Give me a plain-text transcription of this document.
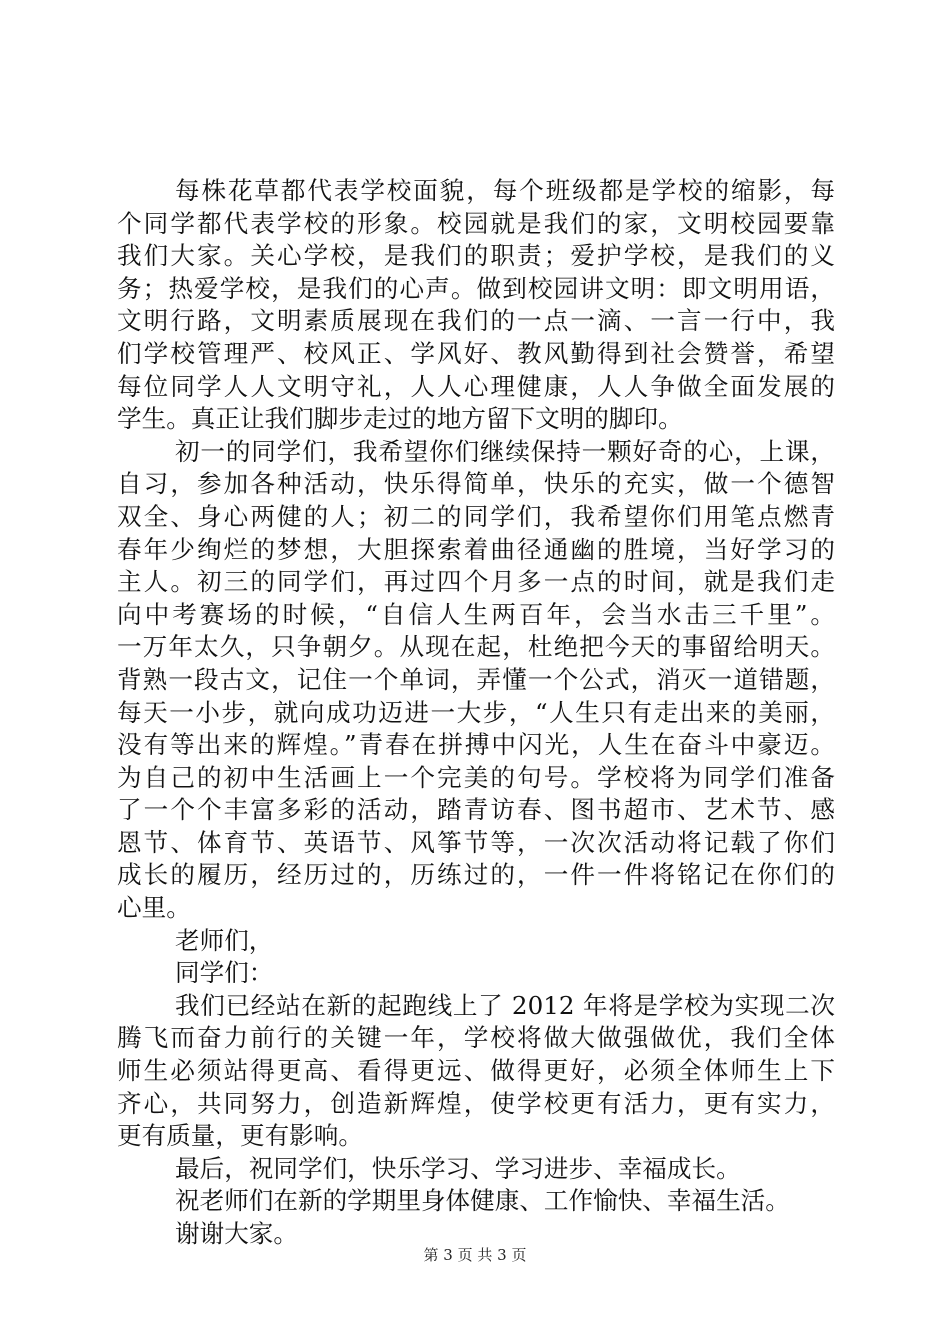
每株花草都代表学校面貌，每个班级都是学校的缩影，每
个同学都代表学校的形象。校园就是我们的家，文明校园要靠
我们大家。关心学校，是我们的职责；爱护学校，是我们的义
务；热爱学校，是我们的心声。做到校园讲文明：即文明用语，
文明行路，文明素质展现在我们的一点一滴、一言一行中，我
们学校管理严、校风正、学风好、教风勤得到社会赞誉，希望
每位同学人人文明守礼，人人心理健康，人人争做全面发展的
学生。真正让我们脚步走过的地方留下文明的脚印。
初一的同学们，我希望你们继续保持一颗好奇的心，上课，
自习，参加各种活动，快乐得简单，快乐的充实，做一个德智
双全、身心两健的人；初二的同学们，我希望你们用笔点燃青
春年少绚烂的梦想，大胆探索着曲径通幽的胜境，当好学习的
主人。初三的同学们，再过四个月多一点的时间，就是我们走
向中考赛场的时候，“自信人生两百年，会当水击三千里”。
一万年太久，只争朝夕。从现在起，杜绝把今天的事留给明天。
背熟一段古文，记住一个单词，弄懂一个公式，消灭一道错题，
每天一小步，就向成功迈进一大步，“人生只有走出来的美丽，
没有等出来的辉煌。”青春在拼搏中闪光，人生在奋斗中豪迈。
为自己的初中生活画上一个完美的句号。学校将为同学们准备
了一个个丰富多彩的活动，踏青访春、图书超市、艺术节、感
恩节、体育节、英语节、风筝节等，一次次活动将记载了你们
成长的履历，经历过的，历练过的，一件一件将铭记在你们的
心里。
老师们，
同学们：
我们已经站在新的起跑线上了 2012 年将是学校为实现二次
腾飞而奋力前行的关键一年，学校将做大做强做优，我们全体
师生必须站得更高、看得更远、做得更好，必须全体师生上下
齐心，共同努力，创造新辉煌，使学校更有活力，更有实力，
更有质量，更有影响。
最后，祝同学们，快乐学习、学习进步、幸福成长。
祝老师们在新的学期里身体健康、工作愉快、幸福生活。
谢谢大家。
第 3 页 共 3 页
